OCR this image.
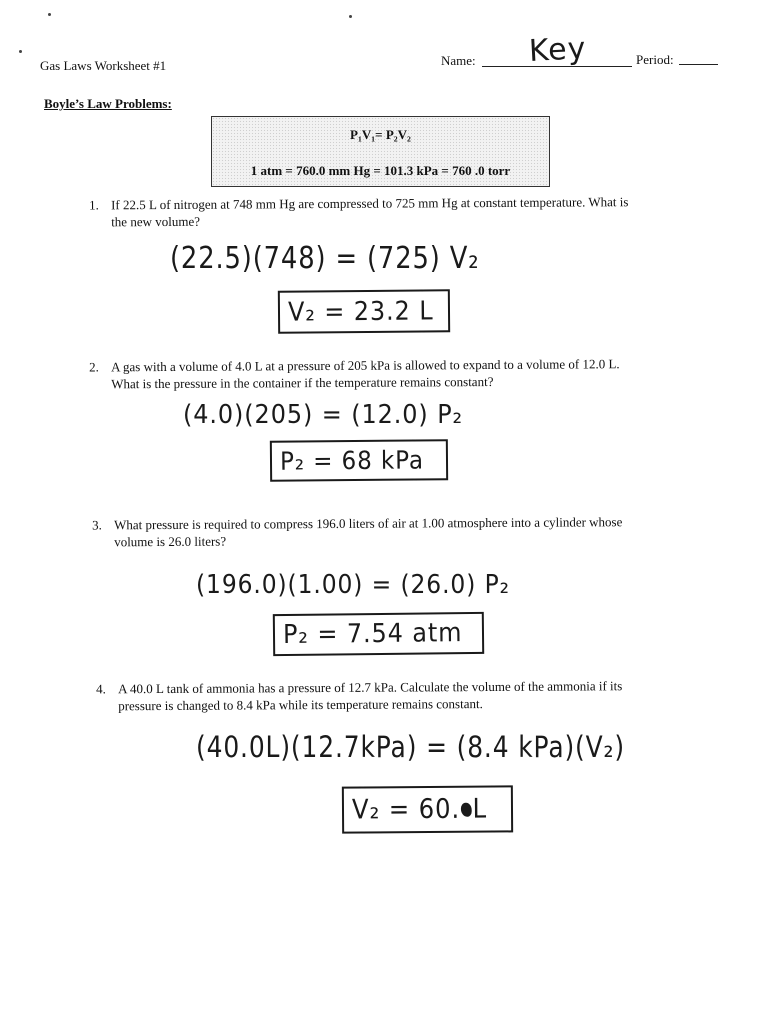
Gas Laws Worksheet #1	Name: Key	Period:
Boyle’s Law Problems:
P₁V₁= P₂V₂
1 atm = 760.0 mm Hg = 101.3 kPa = 760 .0 torr
1. If 22.5 L of nitrogen at 748 mm Hg are compressed to 725 mm Hg at constant temperature. What is
the new volume?
(22.5)(748) = (725) V₂
V₂ = 23.2 L
2. A gas with a volume of 4.0 L at a pressure of 205 kPa is allowed to expand to a volume of 12.0 L.
What is the pressure in the container if the temperature remains constant?
(4.0)(205) = (12.0) P₂
P₂ = 68 kPa
3. What pressure is required to compress 196.0 liters of air at 1.00 atmosphere into a cylinder whose
volume is 26.0 liters?
(196.0)(1.00) = (26.0) P₂
P₂ = 7.54 atm
4. A 40.0 L tank of ammonia has a pressure of 12.7 kPa. Calculate the volume of the ammonia if its
pressure is changed to 8.4 kPa while its temperature remains constant.
(40.0L)(12.7kPa) = (8.4 kPa)(V₂)
V₂ = 60. L
